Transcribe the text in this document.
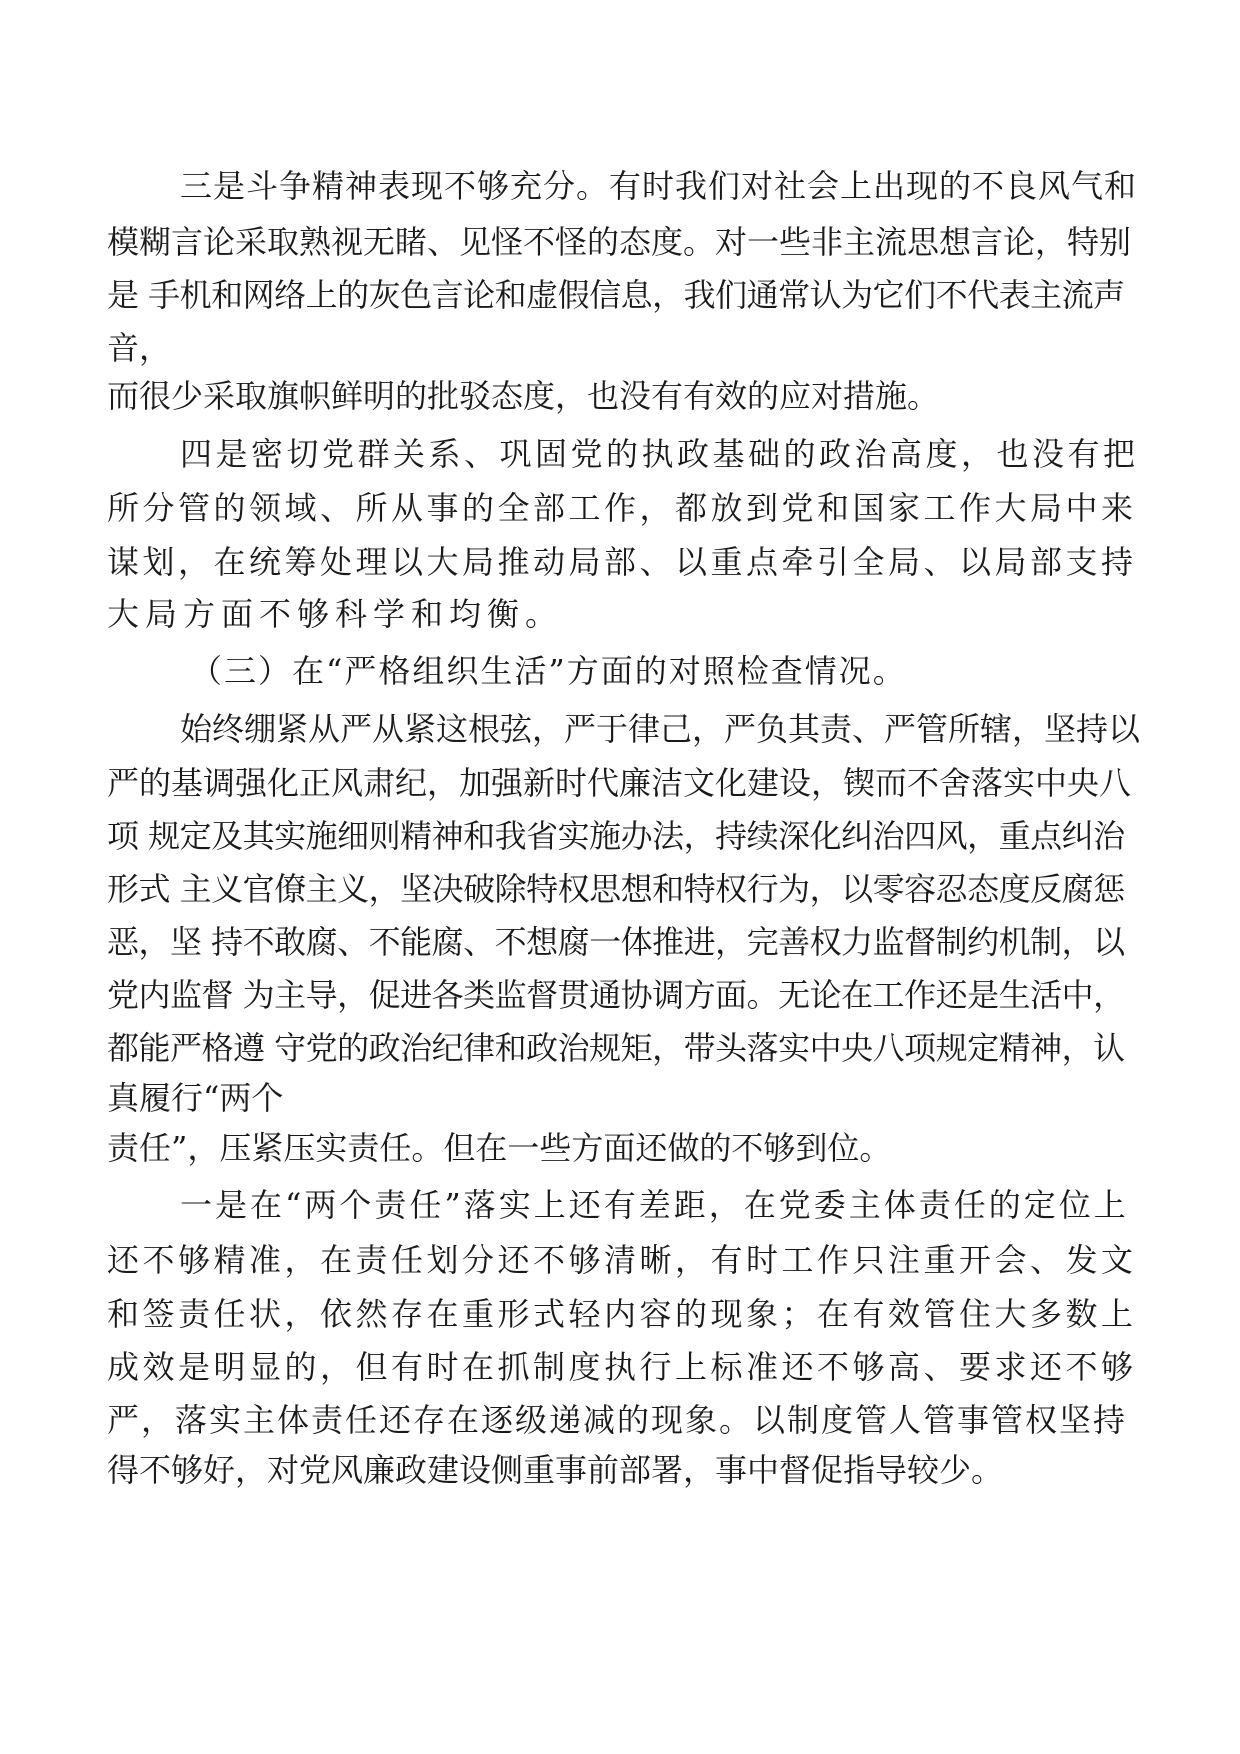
三是斗争精神表现不够充分。有时我们对社会上出现的不良风气和
模糊言论采取熟视无睹、见怪不怪的态度。对一些非主流思想言论，特别
是 手机和网络上的灰色言论和虚假信息，我们通常认为它们不代表主流声
音，
而很少采取旗帜鲜明的批驳态度，也没有有效的应对措施。
四是密切党群关系、巩固党的执政基础的政治高度，也没有把
所分管的领域、所从事的全部工作，都放到党和国家工作大局中来
谋划，在统筹处理以大局推动局部、以重点牵引全局、以局部支持
大局方面不够科学和均衡。
（三）在“严格组织生活”方面的对照检查情况。
始终绷紧从严从紧这根弦，严于律己，严负其责、严管所辖，坚持以
严的基调强化正风肃纪，加强新时代廉洁文化建设，锲而不舍落实中央八
项 规定及其实施细则精神和我省实施办法，持续深化纠治四风，重点纠治
形式 主义官僚主义，坚决破除特权思想和特权行为，以零容忍态度反腐惩
恶，坚 持不敢腐、不能腐、不想腐一体推进，完善权力监督制约机制，以
党内监督 为主导，促进各类监督贯通协调方面。无论在工作还是生活中，
都能严格遵 守党的政治纪律和政治规矩，带头落实中央八项规定精神，认
真履行“两个
责任”，压紧压实责任。但在一些方面还做的不够到位。
一是在“两个责任”落实上还有差距，在党委主体责任的定位上
还不够精准，在责任划分还不够清晰，有时工作只注重开会、发文
和签责任状，依然存在重形式轻内容的现象；在有效管住大多数上
成效是明显的，但有时在抓制度执行上标准还不够高、要求还不够
严，落实主体责任还存在逐级递减的现象。以制度管人管事管权坚持
得不够好，对党风廉政建设侧重事前部署，事中督促指导较少。
